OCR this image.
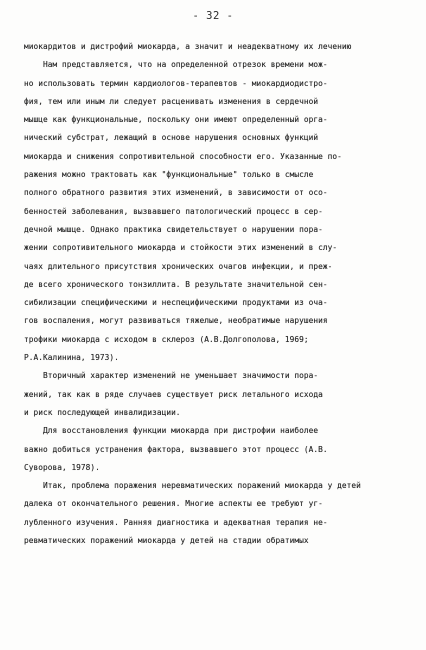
- 32 -
миокардитов и дистрофий миокарда, а значит и неадекватному их лечению
Нам представляется, что на определенной отрезок времени мож-
но использовать термин кардиологов-терапевтов - миокардиодистро-
фия, тем или иным ли следует расценивать изменения в сердечной
мышце как функциональные, поскольку они имеют определенный орга-
нический субстрат, лежащий в основе нарушения основных функций
миокарда и снижения сопротивительной способности его. Указанные по-
ражения можно трактовать как "функциональные" только в смысле
полного обратного развития этих изменений, в зависимости от осо-
бенностей заболевания, вызвавшего патологический процесс в сер-
дечной мышце. Однако практика свидетельствует о нарушении пора-
жении сопротивительного миокарда и стойкости этих изменений в слу-
чаях длительного присутствия хронических очагов инфекции, и преж-
де всего хронического тонзиллита. В результате значительной сен-
сибилизации специфическими и неспецифическими продуктами из оча-
гов воспаления, могут развиваться тяжелые, необратимые нарушения
трофики миокарда с исходом в склероз (А.В.Долгополова, 1969;
Р.А.Калинина, 1973).
Вторичный характер изменений не уменьшает значимости пора-
жений, так как в ряде случаев существует риск летального исхода
и риск последующей инвалидизации.
Для восстановления функции миокарда при дистрофии наиболее
важно добиться устранения фактора, вызвавшего этот процесс (А.В.
Суворова, 1978).
Итак, проблема поражения неревматических поражений миокарда у детей
далека от окончательного решения. Многие аспекты ее требуют уг-
лубленного изучения. Ранняя диагностика и адекватная терапия не-
ревматических поражений миокарда у детей на стадии обратимых
